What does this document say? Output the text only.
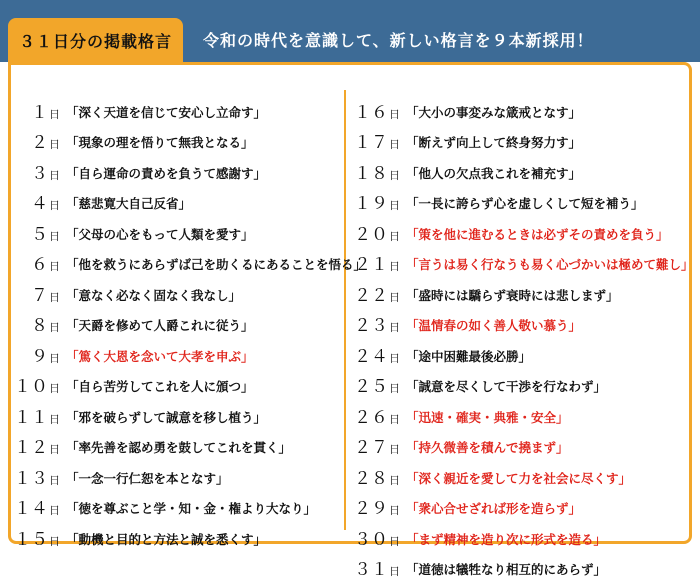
３１日分の掲載格言	令和の時代を意識して、新しい格言を９本新採用！
１日 「深く天道を信じて安心し立命す」
２日 「現象の理を悟りて無我となる」
３日 「自ら運命の責めを負うて感謝す」
４日 「慈悲寛大自己反省」
５日 「父母の心をもって人類を愛す」
６日 「他を救うにあらずば己を助くるにあることを悟る」
７日 「意なく必なく固なく我なし」
８日 「天爵を修めて人爵これに従う」
９日 「篤く大恩を念いて大孝を申ぶ」
１０日 「自ら苦労してこれを人に頒つ」
１１日 「邪を破らずして誠意を移し植う」
１２日 「率先善を認め勇を鼓してこれを貫く」
１３日 「一念一行仁恕を本となす」
１４日 「徳を尊ぶこと学・知・金・権より大なり」
１５日 「動機と目的と方法と誠を悉くす」
１６日 「大小の事変みな箴戒となす」
１７日 「断えず向上して終身努力す」
１８日 「他人の欠点我これを補充す」
１９日 「一長に誇らず心を虚しくして短を補う」
２０日 「策を他に進むるときは必ずその責めを負う」
２１日 「言うは易く行なうも易く心づかいは極めて難し」
２２日 「盛時には驕らず衰時には悲しまず」
２３日 「温情春の如く善人敬い慕う」
２４日 「途中困難最後必勝」
２５日 「誠意を尽くして干渉を行なわず」
２６日 「迅速・確実・典雅・安全」
２７日 「持久微善を積んで撓まず」
２８日 「深く親近を愛して力を社会に尽くす」
２９日 「衆心合せざれば形を造らず」
３０日 「まず精神を造り次に形式を造る」
３１日 「道徳は犠牲なり相互的にあらず」
